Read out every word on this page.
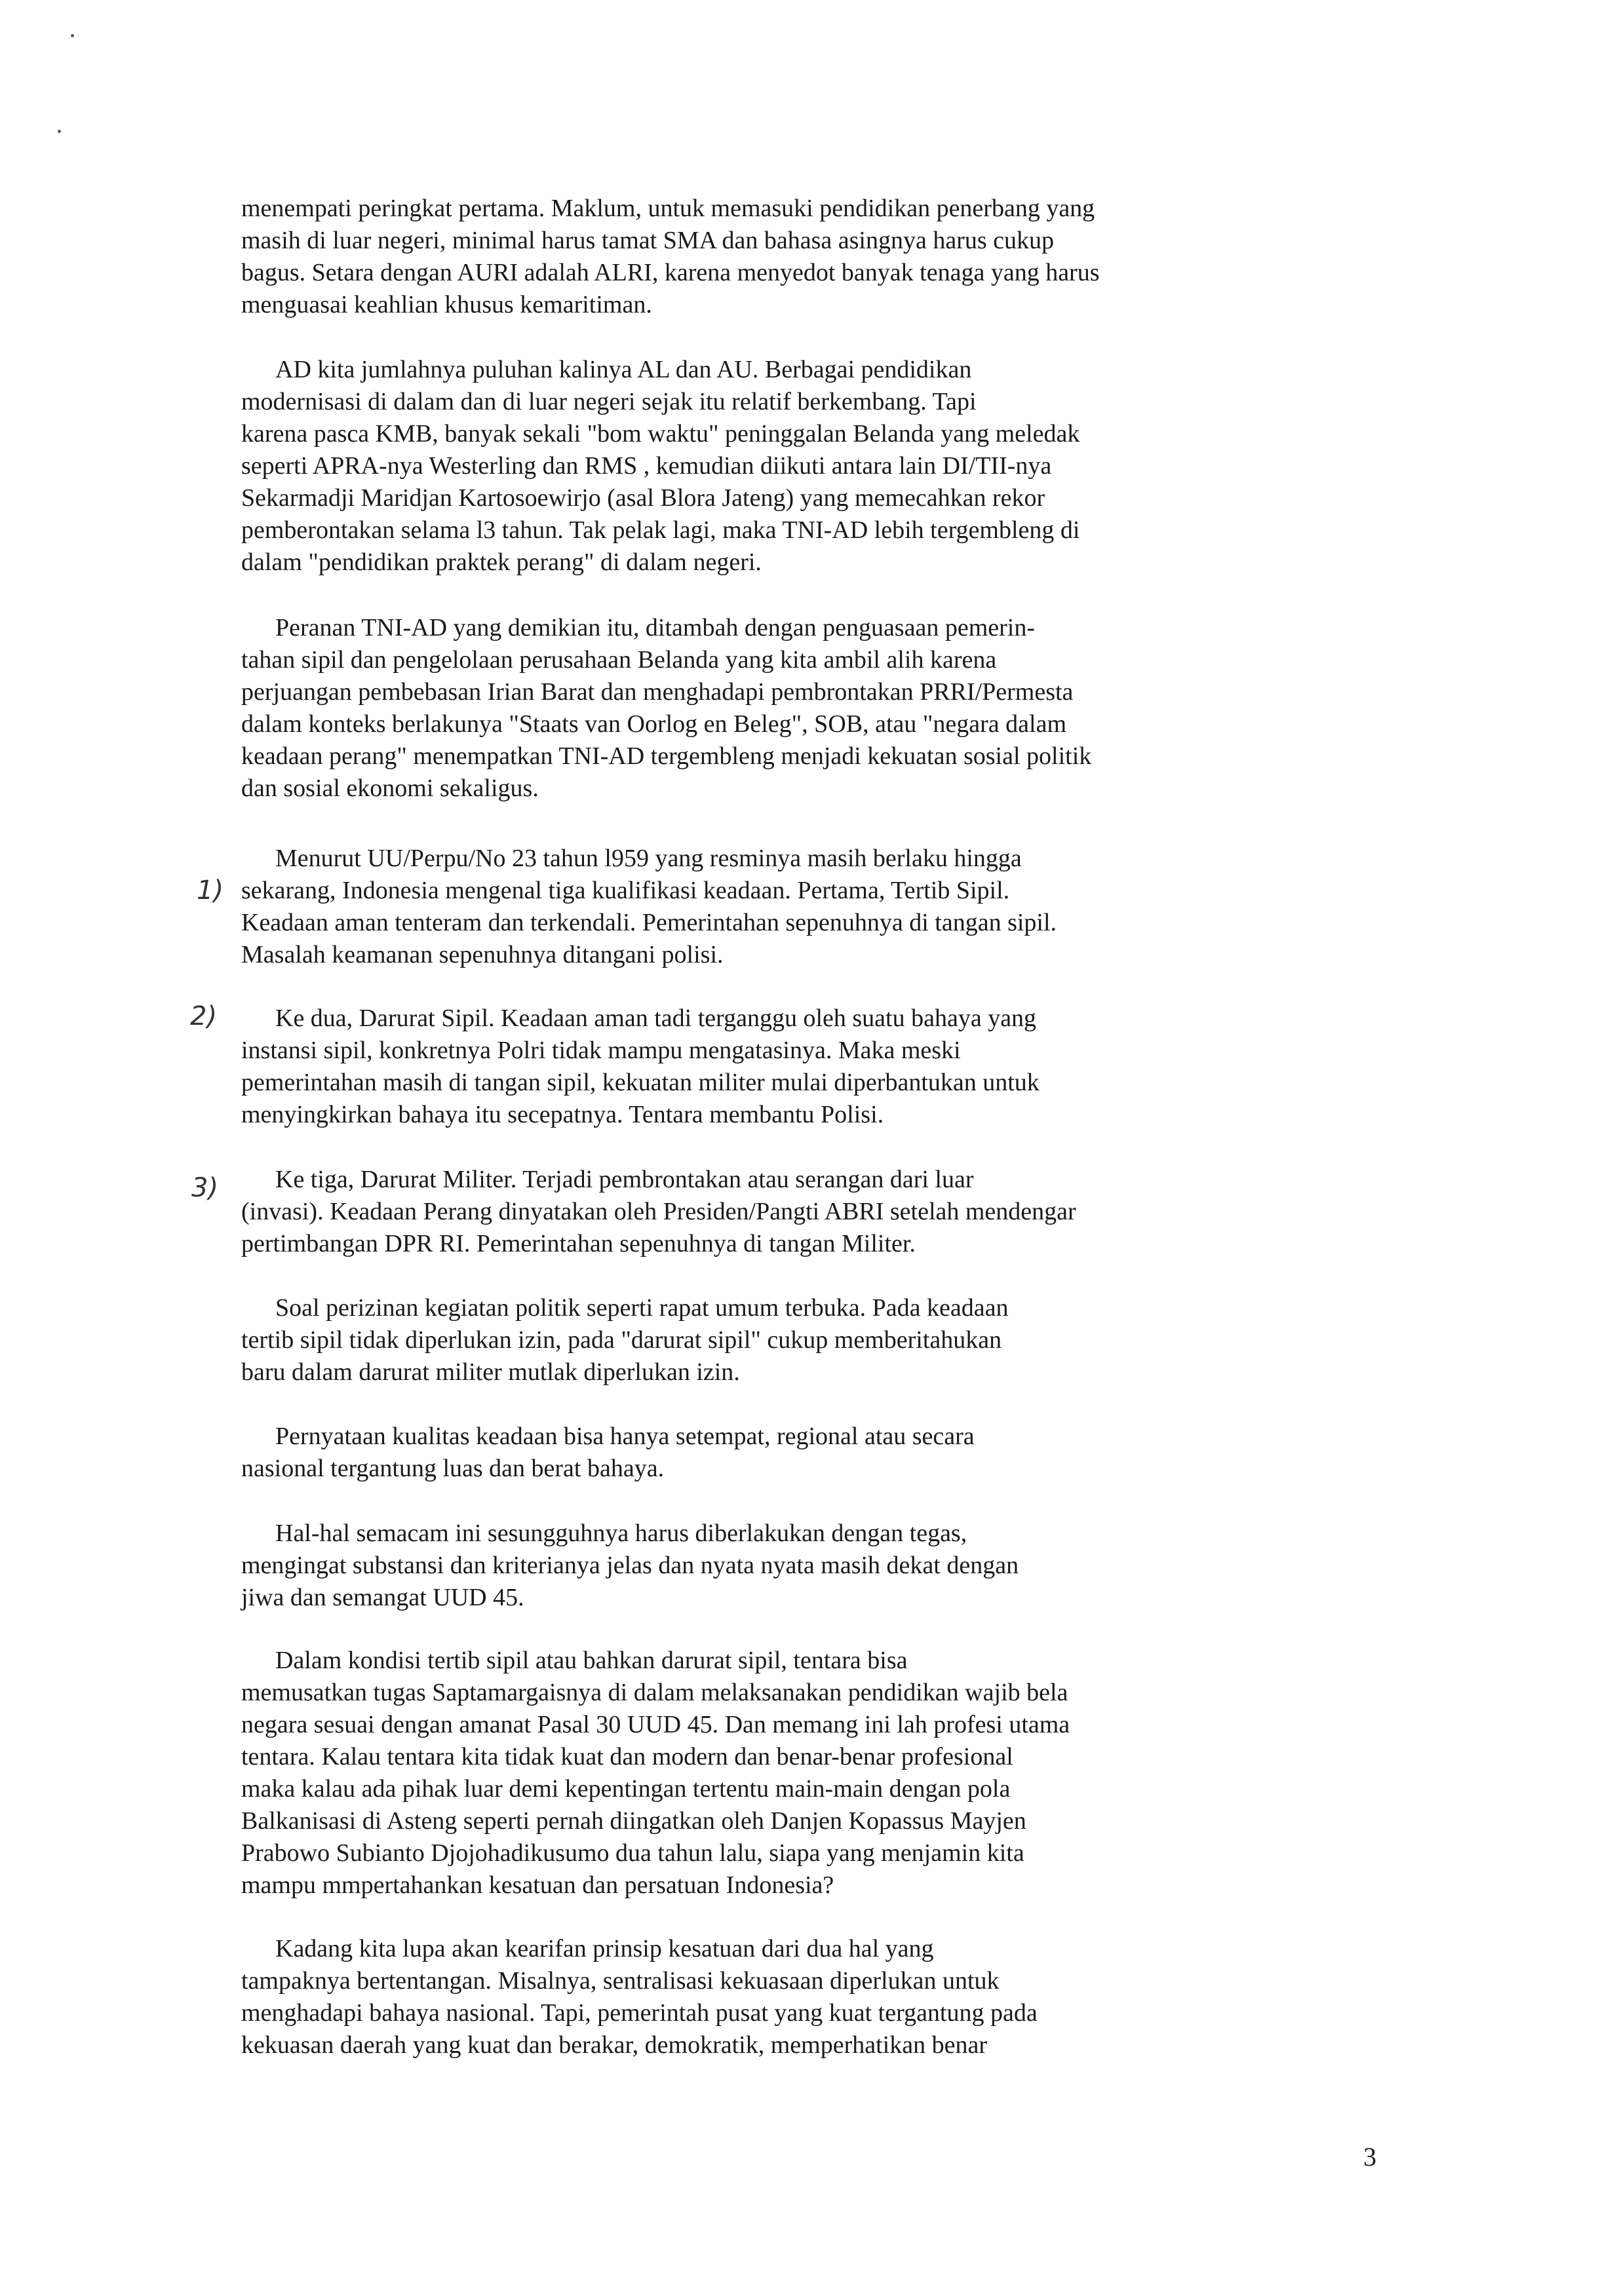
menempati peringkat pertama. Maklum, untuk memasuki pendidikan penerbang yang
masih di luar negeri, minimal harus tamat SMA dan bahasa asingnya harus cukup
bagus. Setara dengan AURI adalah ALRI, karena menyedot banyak tenaga yang harus
menguasai keahlian khusus kemaritiman.
AD kita jumlahnya puluhan kalinya AL dan AU. Berbagai pendidikan
modernisasi di dalam dan di luar negeri sejak itu relatif berkembang. Tapi
karena pasca KMB, banyak sekali "bom waktu" peninggalan Belanda yang meledak
seperti APRA-nya Westerling dan RMS , kemudian diikuti antara lain DI/TII-nya
Sekarmadji Maridjan Kartosoewirjo (asal Blora Jateng) yang memecahkan rekor
pemberontakan selama l3 tahun. Tak pelak lagi, maka TNI-AD lebih tergembleng di
dalam "pendidikan praktek perang" di dalam negeri.
Peranan TNI-AD yang demikian itu, ditambah dengan penguasaan pemerin-
tahan sipil dan pengelolaan perusahaan Belanda yang kita ambil alih karena
perjuangan pembebasan Irian Barat dan menghadapi pembrontakan PRRI/Permesta
dalam konteks berlakunya "Staats van Oorlog en Beleg", SOB, atau "negara dalam
keadaan perang" menempatkan TNI-AD tergembleng menjadi kekuatan sosial politik
dan sosial ekonomi sekaligus.
Menurut UU/Perpu/No 23 tahun l959 yang resminya masih berlaku hingga
sekarang, Indonesia mengenal tiga kualifikasi keadaan. Pertama, Tertib Sipil.
Keadaan aman tenteram dan terkendali. Pemerintahan sepenuhnya di tangan sipil.
Masalah keamanan sepenuhnya ditangani polisi.
1)
Ke dua, Darurat Sipil. Keadaan aman tadi terganggu oleh suatu bahaya yang
instansi sipil, konkretnya Polri tidak mampu mengatasinya. Maka meski
pemerintahan masih di tangan sipil, kekuatan militer mulai diperbantukan untuk
menyingkirkan bahaya itu secepatnya. Tentara membantu Polisi.
2)
Ke tiga, Darurat Militer. Terjadi pembrontakan atau serangan dari luar
(invasi). Keadaan Perang dinyatakan oleh Presiden/Pangti ABRI setelah mendengar
pertimbangan DPR RI. Pemerintahan sepenuhnya di tangan Militer.
3)
Soal perizinan kegiatan politik seperti rapat umum terbuka. Pada keadaan
tertib sipil tidak diperlukan izin, pada "darurat sipil" cukup memberitahukan
baru dalam darurat militer mutlak diperlukan izin.
Pernyataan kualitas keadaan bisa hanya setempat, regional atau secara
nasional tergantung luas dan berat bahaya.
Hal-hal semacam ini sesungguhnya harus diberlakukan dengan tegas,
mengingat substansi dan kriterianya jelas dan nyata nyata masih dekat dengan
jiwa dan semangat UUD 45.
Dalam kondisi tertib sipil atau bahkan darurat sipil, tentara bisa
memusatkan tugas Saptamargaisnya di dalam melaksanakan pendidikan wajib bela
negara sesuai dengan amanat Pasal 30 UUD 45. Dan memang ini lah profesi utama
tentara. Kalau tentara kita tidak kuat dan modern dan benar-benar profesional
maka kalau ada pihak luar demi kepentingan tertentu main-main dengan pola
Balkanisasi di Asteng seperti pernah diingatkan oleh Danjen Kopassus Mayjen
Prabowo Subianto Djojohadikusumo dua tahun lalu, siapa yang menjamin kita
mampu mmpertahankan kesatuan dan persatuan Indonesia?
Kadang kita lupa akan kearifan prinsip kesatuan dari dua hal yang
tampaknya bertentangan. Misalnya, sentralisasi kekuasaan diperlukan untuk
menghadapi bahaya nasional. Tapi, pemerintah pusat yang kuat tergantung pada
kekuasan daerah yang kuat dan berakar, demokratik, memperhatikan benar
3
